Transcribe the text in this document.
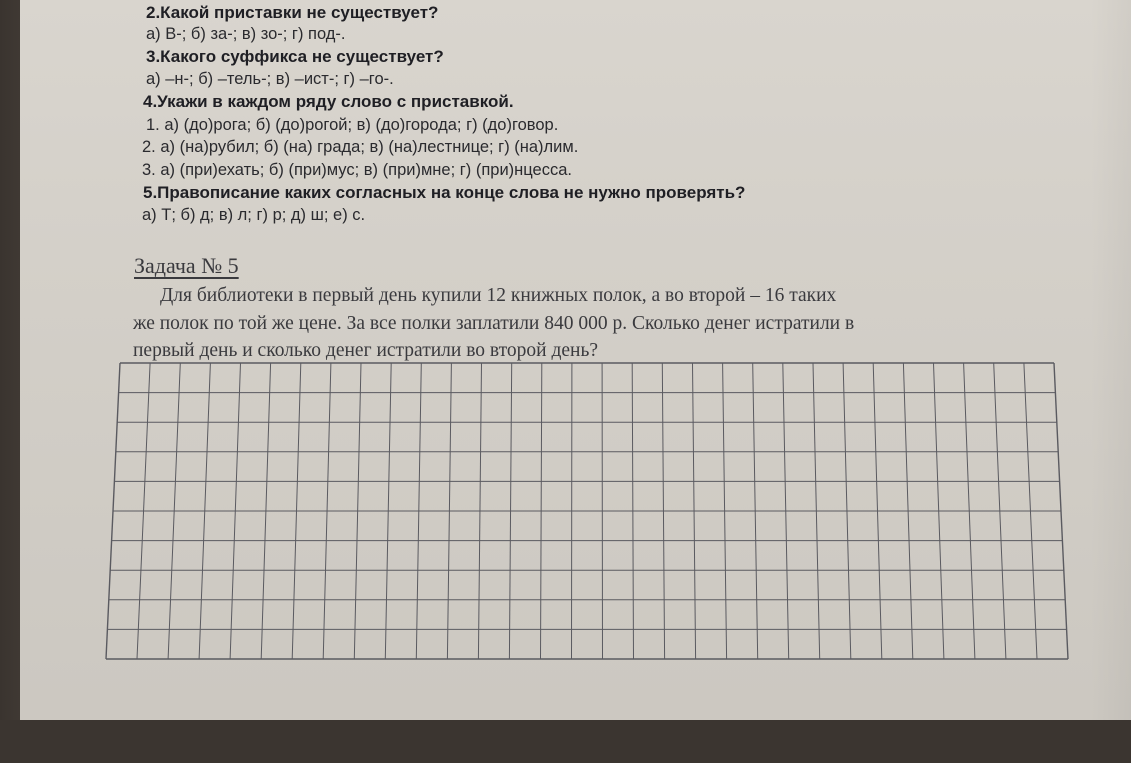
2.Какой приставки не существует?
а) В-; б) за-; в) зо-; г) под-.
3.Какого суффикса не существует?
а) –н-; б) –тель-; в) –ист-; г) –го-.
4.Укажи в каждом ряду слово с приставкой.
1. а) (до)рога; б) (до)рогой; в) (до)города; г) (до)говор.
2. а) (на)рубил; б) (на) града; в) (на)лестнице; г) (на)лим.
3. а) (при)ехать; б) (при)мус; в) (при)мне; г) (при)нцесса.
5.Правописание каких согласных на конце слова не нужно проверять?
а) Т; б) д; в) л; г) р; д) ш; е) с.
Задача № 5
Для библиотеки в первый день купили 12 книжных полок, а во второй – 16 таких
же полок по той же цене. За все полки заплатили 840 000 р. Сколько денег истратили в
первый день и сколько денег истратили во второй день?
